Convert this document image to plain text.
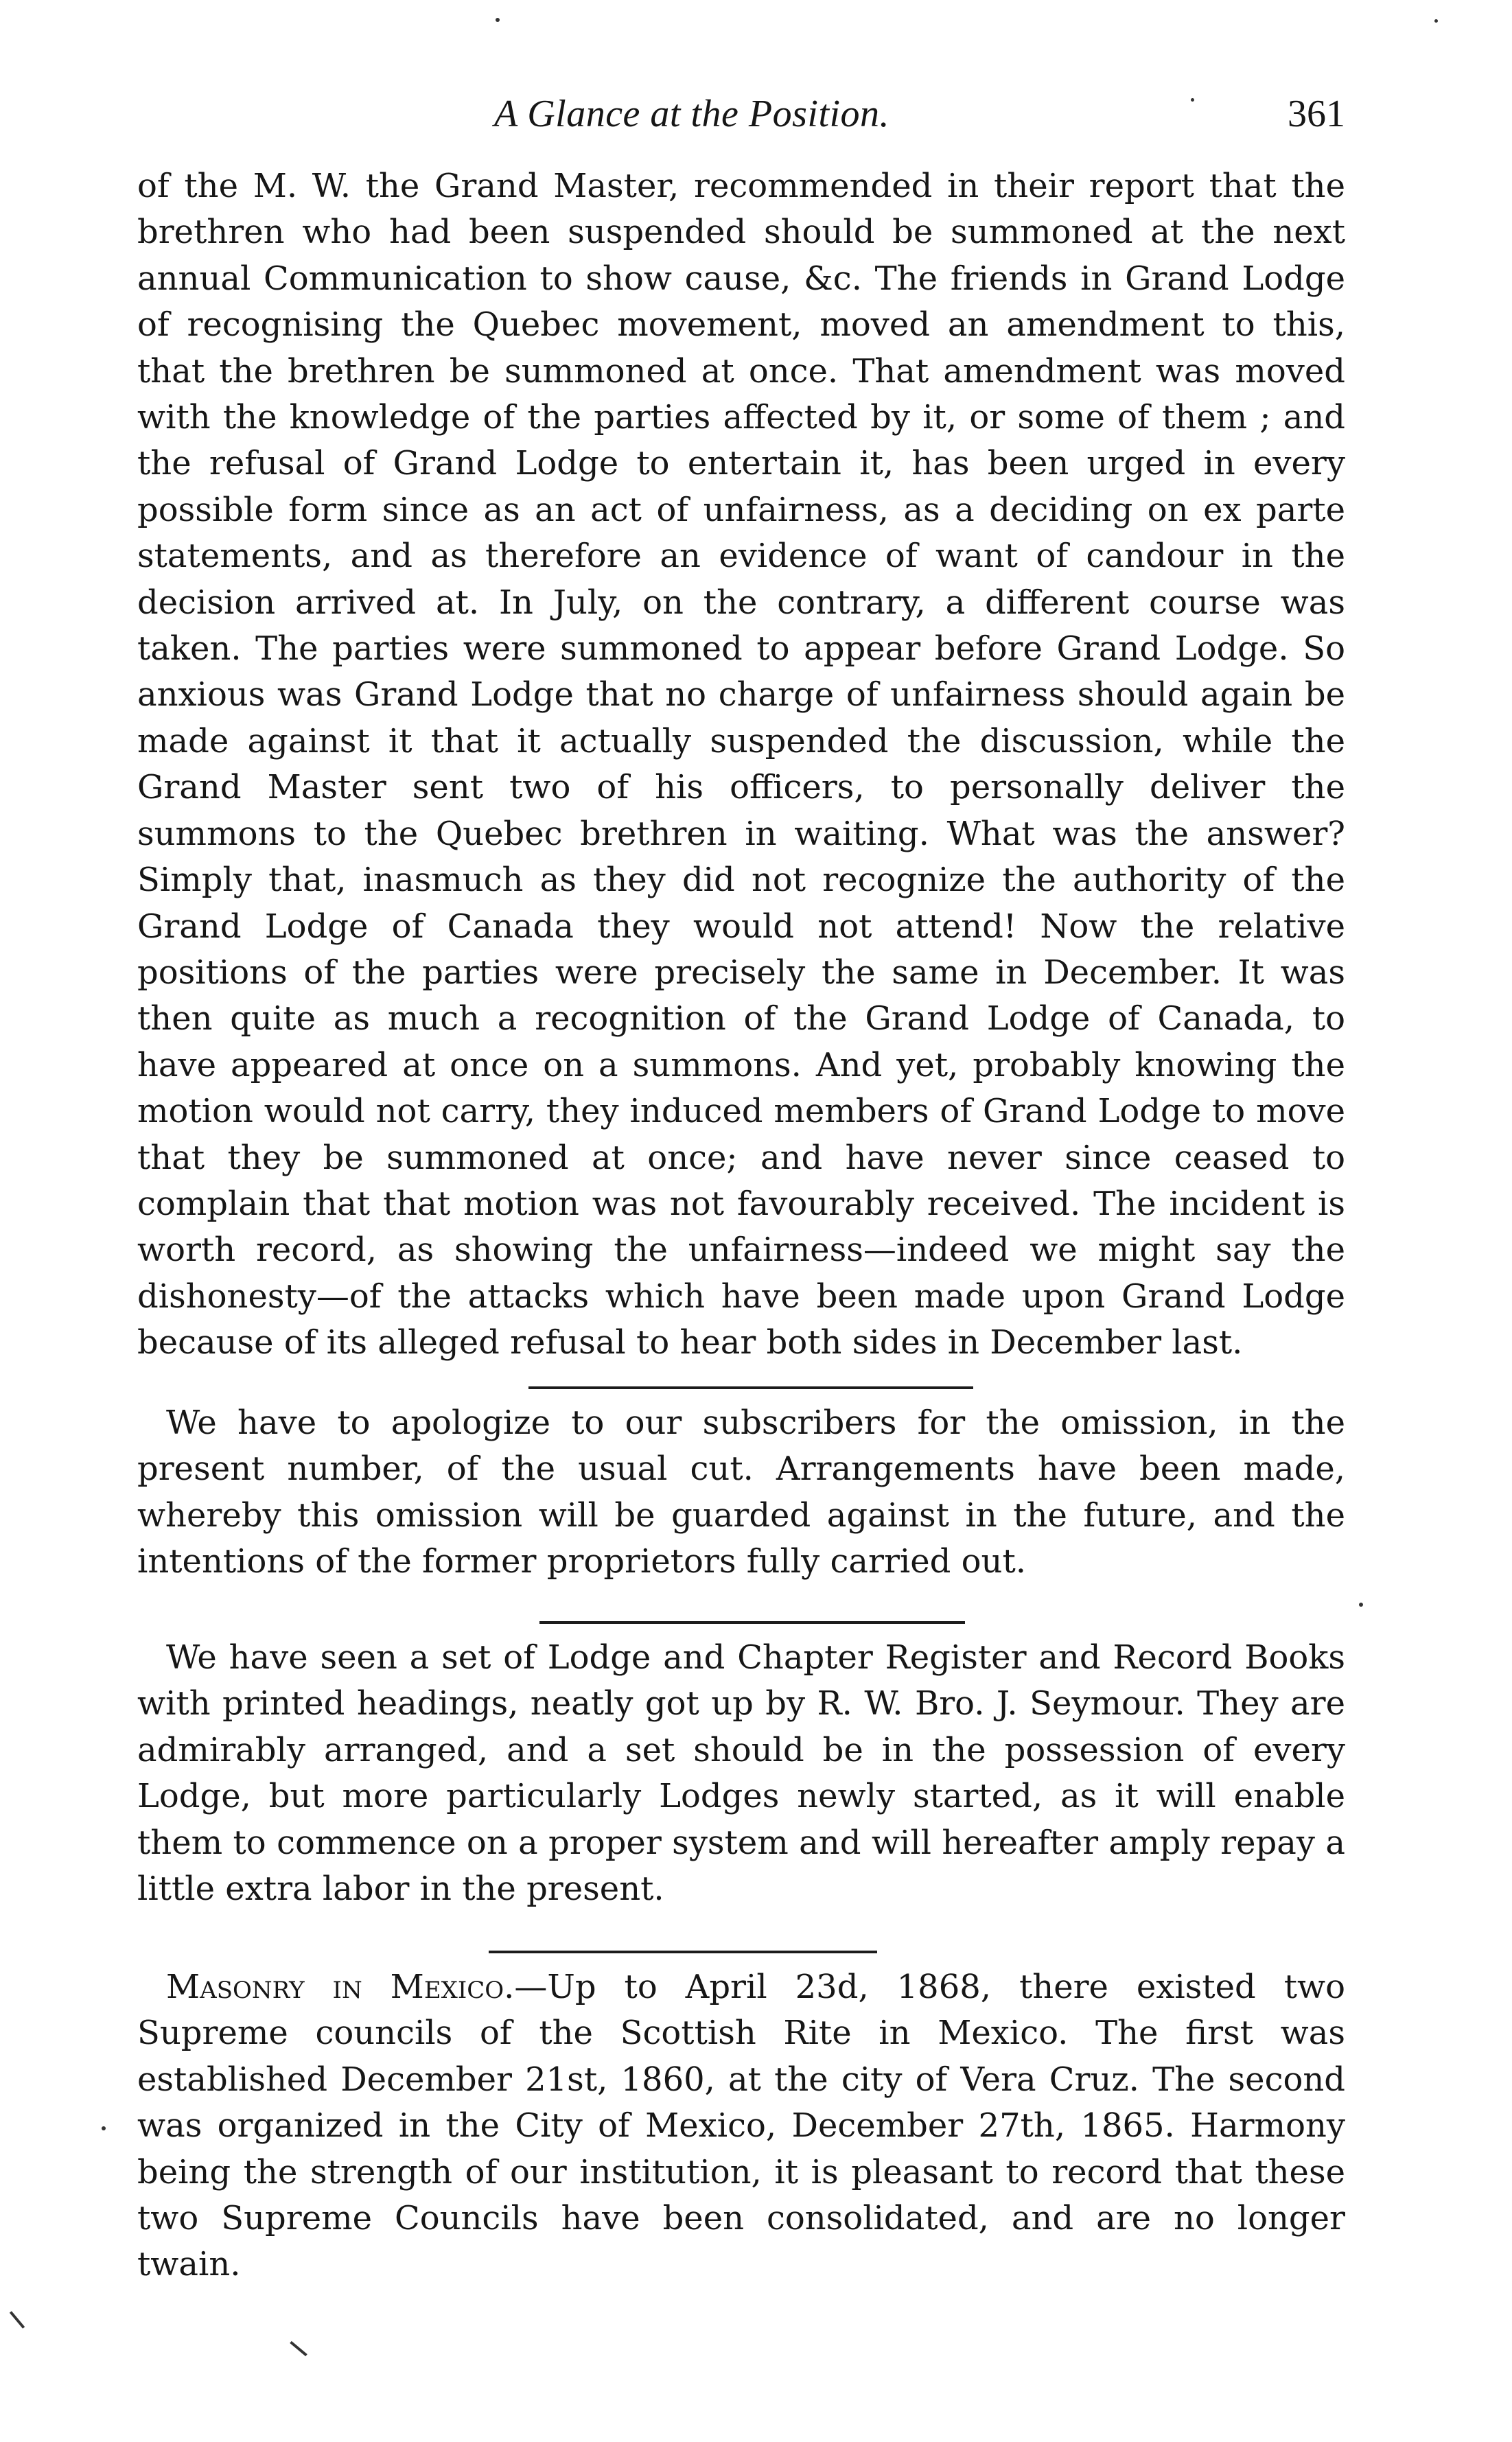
A Glance at the Position.	361

of the M. W. the Grand Master, recommended in their report that the brethren who had been suspended should be summoned at the next annual Communication to show cause, &c. The friends in Grand Lodge of recognising the Quebec movement, moved an amendment to this, that the brethren be summoned at once. That amendment was moved with the knowledge of the parties affected by it, or some of them ; and the refusal of Grand Lodge to entertain it, has been urged in every possible form since as an act of unfairness, as a deciding on ex parte statements, and as therefore an evidence of want of candour in the decision arrived at. In July, on the contrary, a different course was taken. The parties were summoned to appear before Grand Lodge. So anxious was Grand Lodge that no charge of unfairness should again be made against it that it actually suspended the discussion, while the Grand Master sent two of his officers, to personally deliver the summons to the Quebec brethren in waiting. What was the answer? Simply that, inasmuch as they did not recognize the authority of the Grand Lodge of Canada they would not attend! Now the relative positions of the parties were precisely the same in December. It was then quite as much a recognition of the Grand Lodge of Canada, to have appeared at once on a summons. And yet, probably knowing the motion would not carry, they induced members of Grand Lodge to move that they be summoned at once; and have never since ceased to complain that that motion was not favourably received. The incident is worth record, as showing the unfairness—indeed we might say the dishonesty—of the attacks which have been made upon Grand Lodge because of its alleged refusal to hear both sides in December last.

We have to apologize to our subscribers for the omission, in the present number, of the usual cut. Arrangements have been made, whereby this omission will be guarded against in the future, and the intentions of the former proprietors fully carried out.

We have seen a set of Lodge and Chapter Register and Record Books with printed headings, neatly got up by R. W. Bro. J. Seymour. They are admirably arranged, and a set should be in the possession of every Lodge, but more particularly Lodges newly started, as it will enable them to commence on a proper system and will hereafter amply repay a little extra labor in the present.

Masonry in Mexico.—Up to April 23d, 1868, there existed two Supreme councils of the Scottish Rite in Mexico. The first was established December 21st, 1860, at the city of Vera Cruz. The second was organized in the City of Mexico, December 27th, 1865. Harmony being the strength of our institution, it is pleasant to record that these two Supreme Councils have been consolidated, and are no longer twain.
